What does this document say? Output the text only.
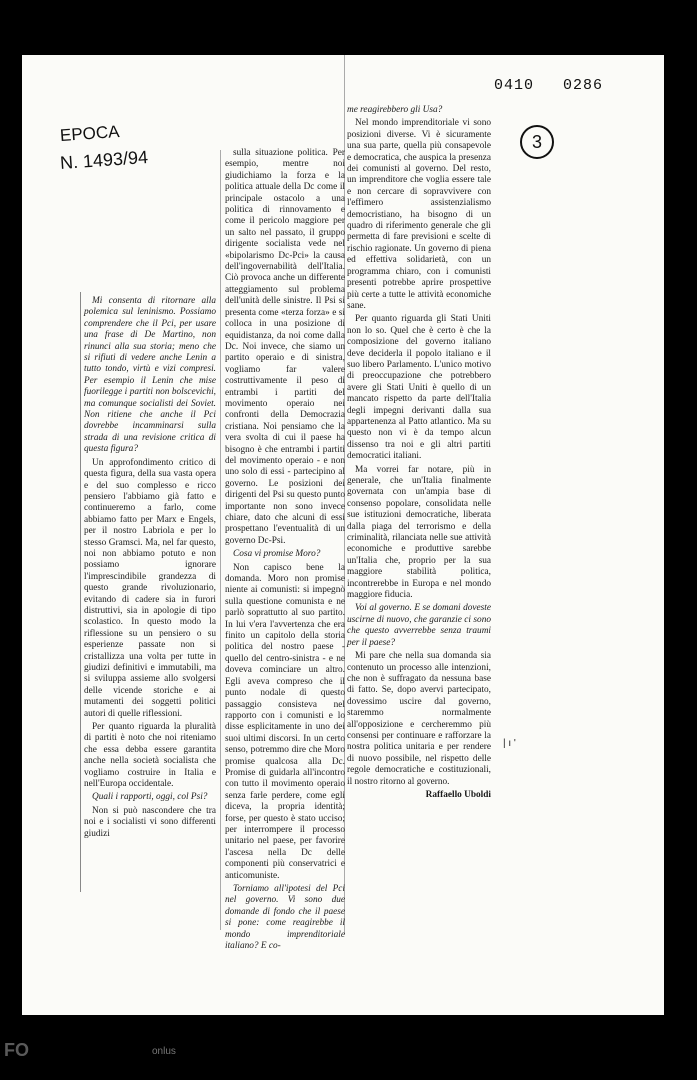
0410 0286
EPOCA
N. 1493/94
3

Mi consenta di ritornare alla polemica sul leninismo. Possiamo comprendere che il Pci, per usare una frase di De Martino, non rinunci alla sua storia; meno che si rifiuti di vedere anche Lenin a tutto tondo, virtù e vizi compresi. Per esempio il Lenin che mise fuorilegge i partiti non bolscevichi, ma comunque socialisti dei Soviet. Non ritiene che anche il Pci dovrebbe incamminarsi sulla strada di una revisione critica di questa figura?

Un approfondimento critico di questa figura, della sua vasta opera e del suo complesso e ricco pensiero l'abbiamo già fatto e continueremo a farlo, come abbiamo fatto per Marx e Engels, per il nostro Labriola e per lo stesso Gramsci. Ma, nel far questo, noi non abbiamo potuto e non possiamo ignorare l'imprescindibile grandezza di questo grande rivoluzionario, evitando di cadere sia in furori distruttivi, sia in apologie di tipo scolastico. In questo modo la riflessione su un pensiero o su esperienze passate non si cristallizza una volta per tutte in giudizi definitivi e immutabili, ma si sviluppa assieme allo svolgersi delle vicende storiche e ai mutamenti dei soggetti politici autori di quelle riflessioni.

Per quanto riguarda la pluralità di partiti è noto che noi riteniamo che essa debba essere garantita anche nella società socialista che vogliamo costruire in Italia e nell'Europa occidentale.

Quali i rapporti, oggi, col Psi?

Non si può nascondere che tra noi e i socialisti vi sono differenti giudizi

sulla situazione politica. Per esempio, mentre noi giudichiamo la forza e la politica attuale della Dc come il principale ostacolo a una politica di rinnovamento e come il pericolo maggiore per un salto nel passato, il gruppo dirigente socialista vede nel «bipolarismo Dc-Pci» la causa dell'ingovernabilità dell'Italia. Ciò provoca anche un differente atteggiamento sul problema dell'unità delle sinistre. Il Psi si presenta come «terza forza» e si colloca in una posizione di equidistanza, da noi come dalla Dc. Noi invece, che siamo un partito operaio e di sinistra, vogliamo far valere costruttivamente il peso di entrambi i partiti del movimento operaio nei confronti della Democrazia cristiana. Noi pensiamo che la vera svolta di cui il paese ha bisogno è che entrambi i partiti del movimento operaio - e non uno solo di essi - partecipino al governo. Le posizioni dei dirigenti del Psi su questo punto importante non sono invece chiare, dato che alcuni di essi prospettano l'eventualità di un governo Dc-Psi.

Cosa vi promise Moro?

Non capisco bene la domanda. Moro non promise niente ai comunisti: si impegnò sulla questione comunista e ne parlò soprattutto al suo partito. In lui v'era l'avvertenza che era finito un capitolo della storia politica del nostro paese - quello del centro-sinistra - e ne doveva cominciare un altro. Egli aveva compreso che il punto nodale di questo passaggio consisteva nel rapporto con i comunisti e lo disse esplicitamente in uno dei suoi ultimi discorsi. In un certo senso, potremmo dire che Moro promise qualcosa alla Dc. Promise di guidarla all'incontro con tutto il movimento operaio senza farle perdere, come egli diceva, la propria identità; forse, per questo è stato ucciso; per interrompere il processo unitario nel paese, per favorire l'ascesa nella Dc delle componenti più conservatrici e anticomuniste.

Torniamo all'ipotesi del Pci nel governo. Vi sono due domande di fondo che il paese si pone: come reagirebbe il mondo imprenditoriale italiano? E co-

me reagirebbero gli Usa?

Nel mondo imprenditoriale vi sono posizioni diverse. Vi è sicuramente una sua parte, quella più consapevole e democratica, che auspica la presenza dei comunisti al governo. Del resto, un imprenditore che voglia essere tale e non cercare di sopravvivere con l'effimero assistenzialismo democristiano, ha bisogno di un quadro di riferimento generale che gli permetta di fare previsioni e scelte di rischio ragionate. Un governo di piena ed effettiva solidarietà, con un programma chiaro, con i comunisti presenti potrebbe aprire prospettive più certe a tutte le attività economiche sane.

Per quanto riguarda gli Stati Uniti non lo so. Quel che è certo è che la composizione del governo italiano deve deciderla il popolo italiano e il suo libero Parlamento. L'unico motivo di preoccupazione che potrebbero avere gli Stati Uniti è quello di un mancato rispetto da parte dell'Italia degli impegni derivanti dalla sua appartenenza al Patto atlantico. Ma su questo non vi è da tempo alcun dissenso tra noi e gli altri partiti democratici italiani.

Ma vorrei far notare, più in generale, che un'Italia finalmente governata con un'ampia base di consenso popolare, consolidata nelle sue istituzioni democratiche, liberata dalla piaga del terrorismo e della criminalità, rilanciata nelle sue attività economiche e produttive sarebbe un'Italia che, proprio per la sua maggiore stabilità politica, incontrerebbe in Europa e nel mondo maggiore fiducia.

Voi al governo. E se domani doveste uscirne di nuovo, che garanzie ci sono che questo avverrebbe senza traumi per il paese?

Mi pare che nella sua domanda sia contenuto un processo alle intenzioni, che non è suffragato da nessuna base di fatto. Se, dopo avervi partecipato, dovessimo uscire dal governo, staremmo normalmente all'opposizione e cercheremmo più consensi per continuare e rafforzare la nostra politica unitaria e per rendere di nuovo possibile, nel rispetto delle regole democratiche e costituzionali, il nostro ritorno al governo.

Raffaello Uboldi

| ı '
FO	onlus
